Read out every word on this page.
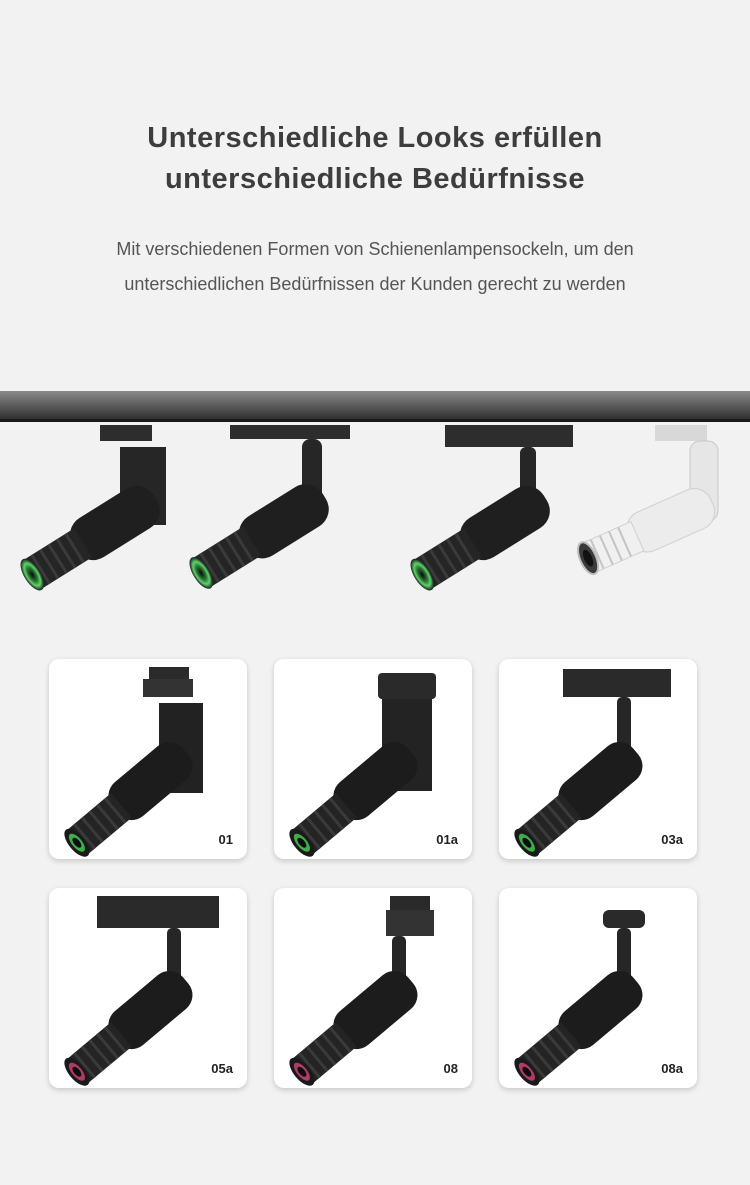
Unterschiedliche Looks erfüllen
unterschiedliche Bedürfnisse
Mit verschiedenen Formen von Schienenlampensockeln, um den
unterschiedlichen Bedürfnissen der Kunden gerecht zu werden
01	01a	03a
05a	08	08a
